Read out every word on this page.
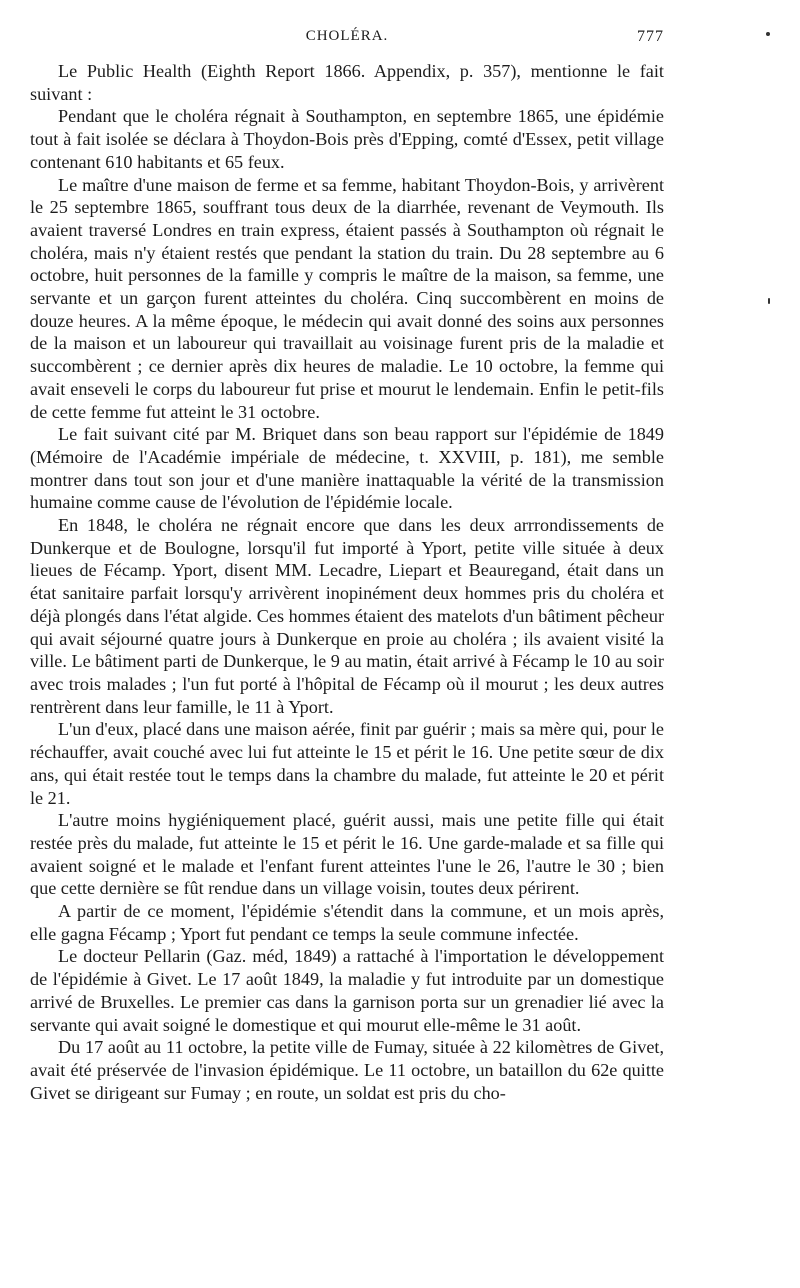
CHOLÉRA.	777

Le Public Health (Eighth Report 1866. Appendix, p. 357), mentionne le fait suivant :

Pendant que le choléra régnait à Southampton, en septembre 1865, une épidémie tout à fait isolée se déclara à Thoydon-Bois près d'Epping, comté d'Essex, petit village contenant 610 habitants et 65 feux.

Le maître d'une maison de ferme et sa femme, habitant Thoydon-Bois, y arrivèrent le 25 septembre 1865, souffrant tous deux de la diarrhée, revenant de Veymouth. Ils avaient traversé Londres en train express, étaient passés à Southampton où régnait le choléra, mais n'y étaient restés que pendant la station du train. Du 28 septembre au 6 octobre, huit personnes de la famille y compris le maître de la maison, sa femme, une servante et un garçon furent atteintes du choléra. Cinq succombèrent en moins de douze heures. A la même époque, le médecin qui avait donné des soins aux personnes de la maison et un laboureur qui travaillait au voisinage furent pris de la maladie et succombèrent ; ce dernier après dix heures de maladie. Le 10 octobre, la femme qui avait enseveli le corps du laboureur fut prise et mourut le lendemain. Enfin le petit-fils de cette femme fut atteint le 31 octobre.

Le fait suivant cité par M. Briquet dans son beau rapport sur l'épidémie de 1849 (Mémoire de l'Académie impériale de médecine, t. XXVIII, p. 181), me semble montrer dans tout son jour et d'une manière inattaquable la vérité de la transmission humaine comme cause de l'évolution de l'épidémie locale.

En 1848, le choléra ne régnait encore que dans les deux arrrondissements de Dunkerque et de Boulogne, lorsqu'il fut importé à Yport, petite ville située à deux lieues de Fécamp. Yport, disent MM. Lecadre, Liepart et Beauregand, était dans un état sanitaire parfait lorsqu'y arrivèrent inopinément deux hommes pris du choléra et déjà plongés dans l'état algide. Ces hommes étaient des matelots d'un bâtiment pêcheur qui avait séjourné quatre jours à Dunkerque en proie au choléra ; ils avaient visité la ville. Le bâtiment parti de Dunkerque, le 9 au matin, était arrivé à Fécamp le 10 au soir avec trois malades ; l'un fut porté à l'hôpital de Fécamp où il mourut ; les deux autres rentrèrent dans leur famille, le 11 à Yport.

L'un d'eux, placé dans une maison aérée, finit par guérir ; mais sa mère qui, pour le réchauffer, avait couché avec lui fut atteinte le 15 et périt le 16. Une petite sœur de dix ans, qui était restée tout le temps dans la chambre du malade, fut atteinte le 20 et périt le 21.

L'autre moins hygiéniquement placé, guérit aussi, mais une petite fille qui était restée près du malade, fut atteinte le 15 et périt le 16. Une garde-malade et sa fille qui avaient soigné et le malade et l'enfant furent atteintes l'une le 26, l'autre le 30 ; bien que cette dernière se fût rendue dans un village voisin, toutes deux périrent.

A partir de ce moment, l'épidémie s'étendit dans la commune, et un mois après, elle gagna Fécamp ; Yport fut pendant ce temps la seule commune infectée.

Le docteur Pellarin (Gaz. méd, 1849) a rattaché à l'importation le développement de l'épidémie à Givet. Le 17 août 1849, la maladie y fut introduite par un domestique arrivé de Bruxelles. Le premier cas dans la garnison porta sur un grenadier lié avec la servante qui avait soigné le domestique et qui mourut elle-même le 31 août.

Du 17 août au 11 octobre, la petite ville de Fumay, située à 22 kilomètres de Givet, avait été préservée de l'invasion épidémique. Le 11 octobre, un bataillon du 62e quitte Givet se dirigeant sur Fumay ; en route, un soldat est pris du cho-
